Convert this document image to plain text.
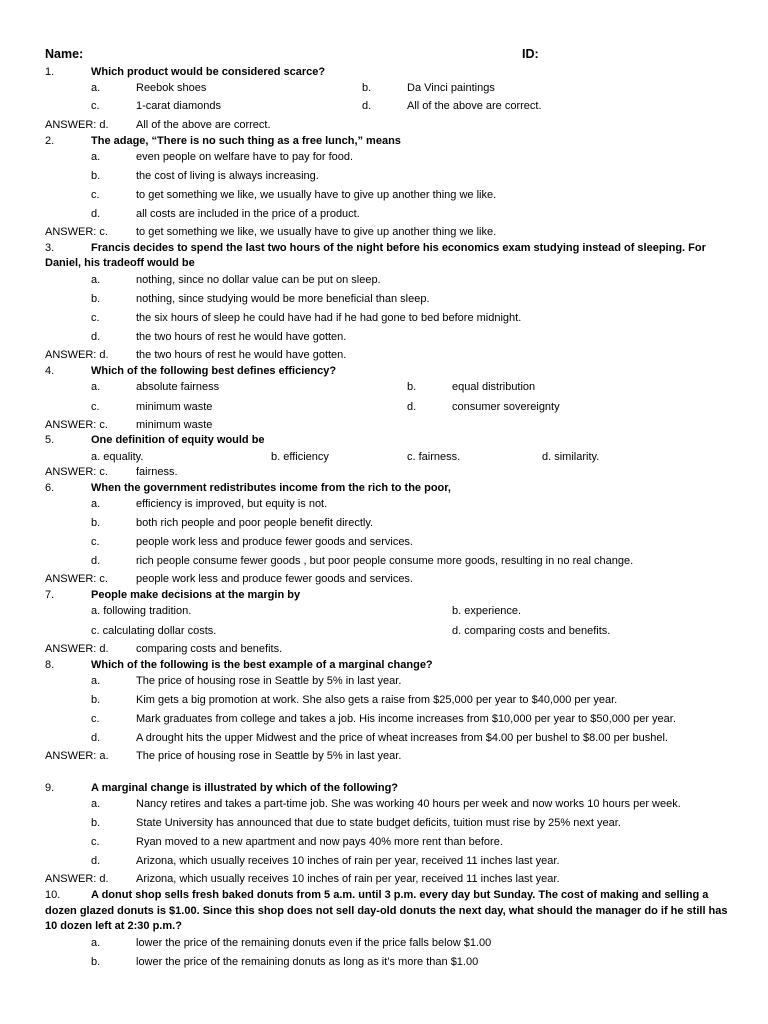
Name:	ID:
1.	Which product would be considered scarce?
a.	Reebok shoes	b.	Da Vinci paintings
c.	1-carat diamonds	d.	All of the above are correct.
ANSWER: d. All of the above are correct.
2.	The adage, “There is no such thing as a free lunch,” means
a.	even people on welfare have to pay for food.
b.	the cost of living is always increasing.
c.	to get something we like, we usually have to give up another thing we like.
d.	all costs are included in the price of a product.
ANSWER: c.	to get something we like, we usually have to give up another thing we like.
3.	Francis decides to spend the last two hours of the night before his economics exam studying instead of sleeping. For
Daniel, his tradeoff would be
a.	nothing, since no dollar value can be put on sleep.
b.	nothing, since studying would be more beneficial than sleep.
c.	the six hours of sleep he could have had if he had gone to bed before midnight.
d.	the two hours of rest he would have gotten.
ANSWER: d. the two hours of rest he would have gotten.
4.	Which of the following best defines efficiency?
a.	absolute fairness	b.	equal distribution
c.	minimum waste	d.	consumer sovereignty
ANSWER: c.	minimum waste
5.	One definition of equity would be
a. equality.	b. efficiency	c. fairness.	d. similarity.
ANSWER: c.	fairness.
6.	When the government redistributes income from the rich to the poor,
a.	efficiency is improved, but equity is not.
b.	both rich people and poor people benefit directly.
c.	people work less and produce fewer goods and services.
d.	rich people consume fewer goods , but poor people consume more goods, resulting in no real change.
ANSWER: c.	people work less and produce fewer goods and services.
7.	People make decisions at the margin by
a. following tradition.	b. experience.
c. calculating dollar costs.	d. comparing costs and benefits.
ANSWER: d. comparing costs and benefits.
8.	Which of the following is the best example of a marginal change?
a.	The price of housing rose in Seattle by 5% in last year.
b.	Kim gets a big promotion at work. She also gets a raise from $25,000 per year to $40,000 per year.
c.	Mark graduates from college and takes a job. His income increases from $10,000 per year to $50,000 per year.
d.	A drought hits the upper Midwest and the price of wheat increases from $4.00 per bushel to $8.00 per bushel.
ANSWER: a. The price of housing rose in Seattle by 5% in last year.
9.	A marginal change is illustrated by which of the following?
a.	Nancy retires and takes a part-time job. She was working 40 hours per week and now works 10 hours per week.
b.	State University has announced that due to state budget deficits, tuition must rise by 25% next year.
c.	Ryan moved to a new apartment and now pays 40% more rent than before.
d.	Arizona, which usually receives 10 inches of rain per year, received 11 inches last year.
ANSWER: d. Arizona, which usually receives 10 inches of rain per year, received 11 inches last year.
10.	A donut shop sells fresh baked donuts from 5 a.m. until 3 p.m. every day but Sunday. The cost of making and selling a
dozen glazed donuts is $1.00. Since this shop does not sell day-old donuts the next day, what should the manager do if he still has
10 dozen left at 2:30 p.m.?
a.	lower the price of the remaining donuts even if the price falls below $1.00
b.	lower the price of the remaining donuts as long as it’s more than $1.00
